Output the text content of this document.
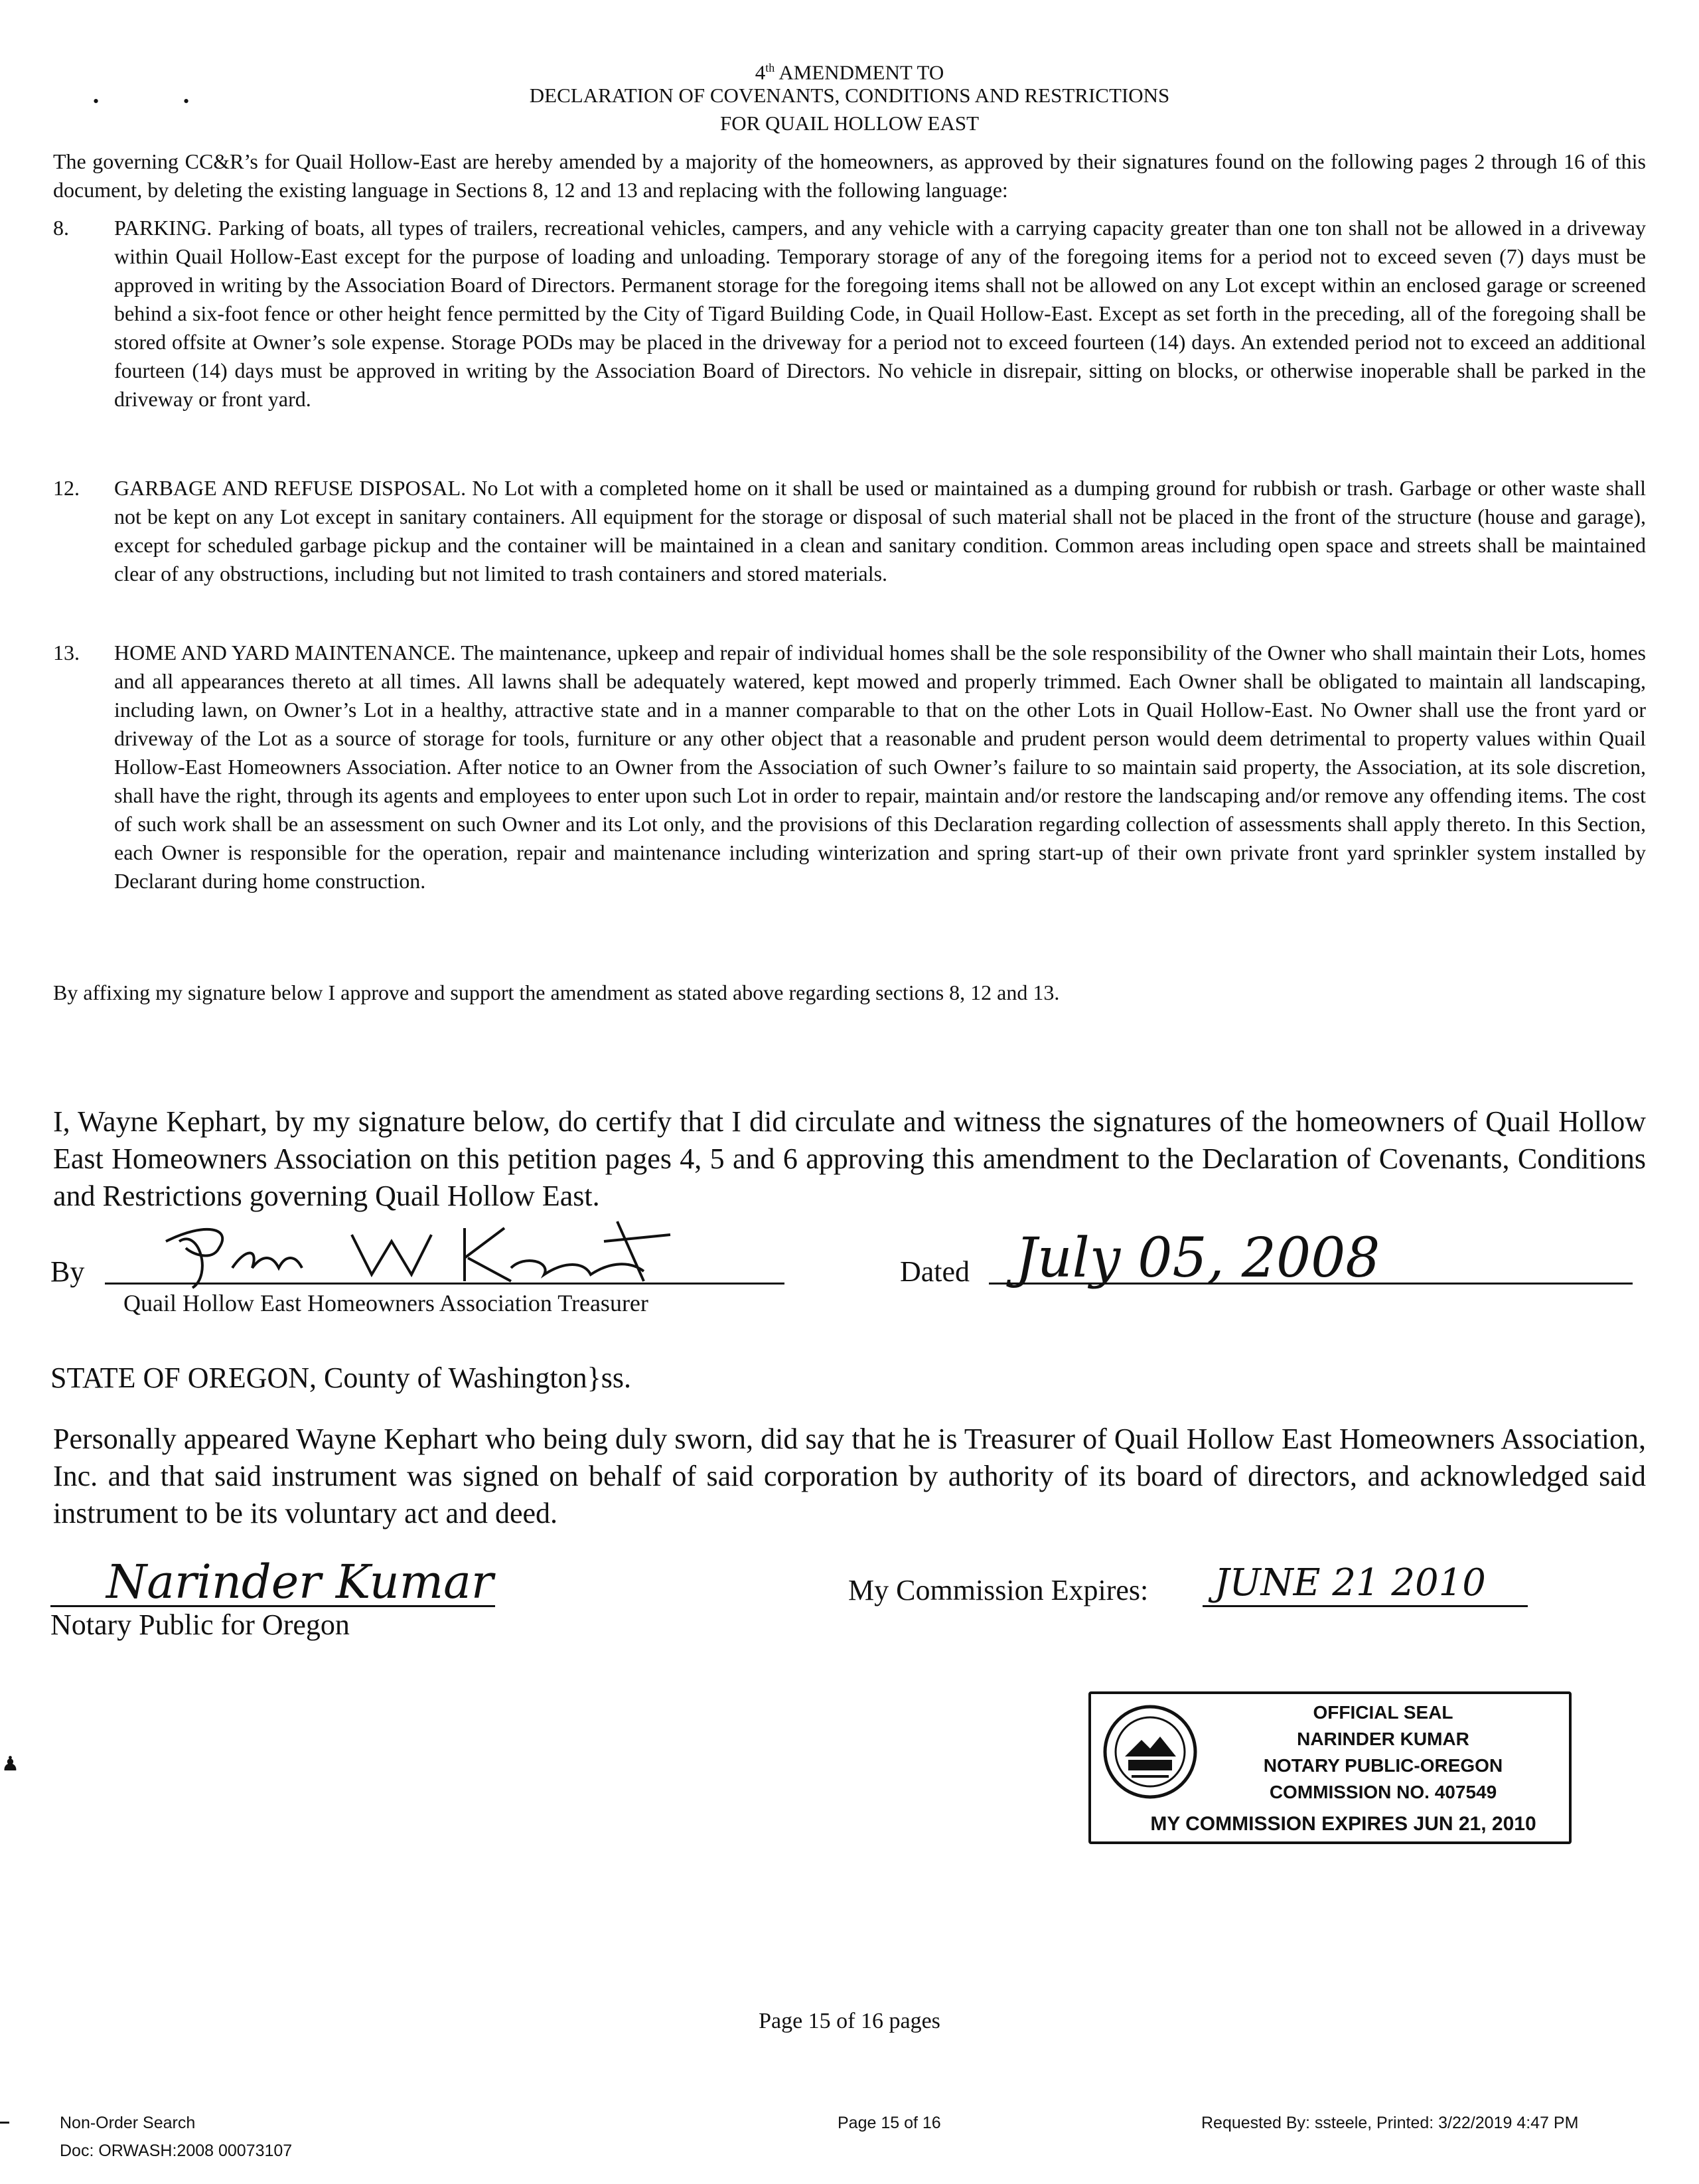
•	•
4th AMENDMENT TO
DECLARATION OF COVENANTS, CONDITIONS AND RESTRICTIONS
FOR QUAIL HOLLOW EAST
The governing CC&R’s for Quail Hollow-East are hereby amended by a majority of the homeowners, as approved by their signatures found on the following pages 2 through 16 of this document, by deleting the existing language in Sections 8, 12 and 13 and replacing with the following language:
8. PARKING. Parking of boats, all types of trailers, recreational vehicles, campers, and any vehicle with a carrying capacity greater than one ton shall not be allowed in a driveway within Quail Hollow-East except for the purpose of loading and unloading. Temporary storage of any of the foregoing items for a period not to exceed seven (7) days must be approved in writing by the Association Board of Directors. Permanent storage for the foregoing items shall not be allowed on any Lot except within an enclosed garage or screened behind a six-foot fence or other height fence permitted by the City of Tigard Building Code, in Quail Hollow-East. Except as set forth in the preceding, all of the foregoing shall be stored offsite at Owner’s sole expense. Storage PODs may be placed in the driveway for a period not to exceed fourteen (14) days. An extended period not to exceed an additional fourteen (14) days must be approved in writing by the Association Board of Directors. No vehicle in disrepair, sitting on blocks, or otherwise inoperable shall be parked in the driveway or front yard.
12. GARBAGE AND REFUSE DISPOSAL. No Lot with a completed home on it shall be used or maintained as a dumping ground for rubbish or trash. Garbage or other waste shall not be kept on any Lot except in sanitary containers. All equipment for the storage or disposal of such material shall not be placed in the front of the structure (house and garage), except for scheduled garbage pickup and the container will be maintained in a clean and sanitary condition. Common areas including open space and streets shall be maintained clear of any obstructions, including but not limited to trash containers and stored materials.
13. HOME AND YARD MAINTENANCE. The maintenance, upkeep and repair of individual homes shall be the sole responsibility of the Owner who shall maintain their Lots, homes and all appearances thereto at all times. All lawns shall be adequately watered, kept mowed and properly trimmed. Each Owner shall be obligated to maintain all landscaping, including lawn, on Owner’s Lot in a healthy, attractive state and in a manner comparable to that on the other Lots in Quail Hollow-East. No Owner shall use the front yard or driveway of the Lot as a source of storage for tools, furniture or any other object that a reasonable and prudent person would deem detrimental to property values within Quail Hollow-East Homeowners Association. After notice to an Owner from the Association of such Owner’s failure to so maintain said property, the Association, at its sole discretion, shall have the right, through its agents and employees to enter upon such Lot in order to repair, maintain and/or restore the landscaping and/or remove any offending items. The cost of such work shall be an assessment on such Owner and its Lot only, and the provisions of this Declaration regarding collection of assessments shall apply thereto. In this Section, each Owner is responsible for the operation, repair and maintenance including winterization and spring start-up of their own private front yard sprinkler system installed by Declarant during home construction.
By affixing my signature below I approve and support the amendment as stated above regarding sections 8, 12 and 13.
I, Wayne Kephart, by my signature below, do certify that I did circulate and witness the signatures of the homeowners of Quail Hollow East Homeowners Association on this petition pages 4, 5 and 6 approving this amendment to the Declaration of Covenants, Conditions and Restrictions governing Quail Hollow East.
By
Quail Hollow East Homeowners Association Treasurer
Dated July 05, 2008
STATE OF OREGON, County of Washington}ss.
Personally appeared Wayne Kephart who being duly sworn, did say that he is Treasurer of Quail Hollow East Homeowners Association, Inc. and that said instrument was signed on behalf of said corporation by authority of its board of directors, and acknowledged said instrument to be its voluntary act and deed.
Narinder Kumar
Notary Public for Oregon
My Commission Expires: JUNE 21 2010
♟
OFFICIAL SEAL
NARINDER KUMAR
NOTARY PUBLIC-OREGON
COMMISSION NO. 407549
MY COMMISSION EXPIRES JUN 21, 2010
Page 15 of 16 pages
Non-Order Search
Doc: ORWASH:2008 00073107
Page 15 of 16	Requested By: ssteele, Printed: 3/22/2019 4:47 PM
